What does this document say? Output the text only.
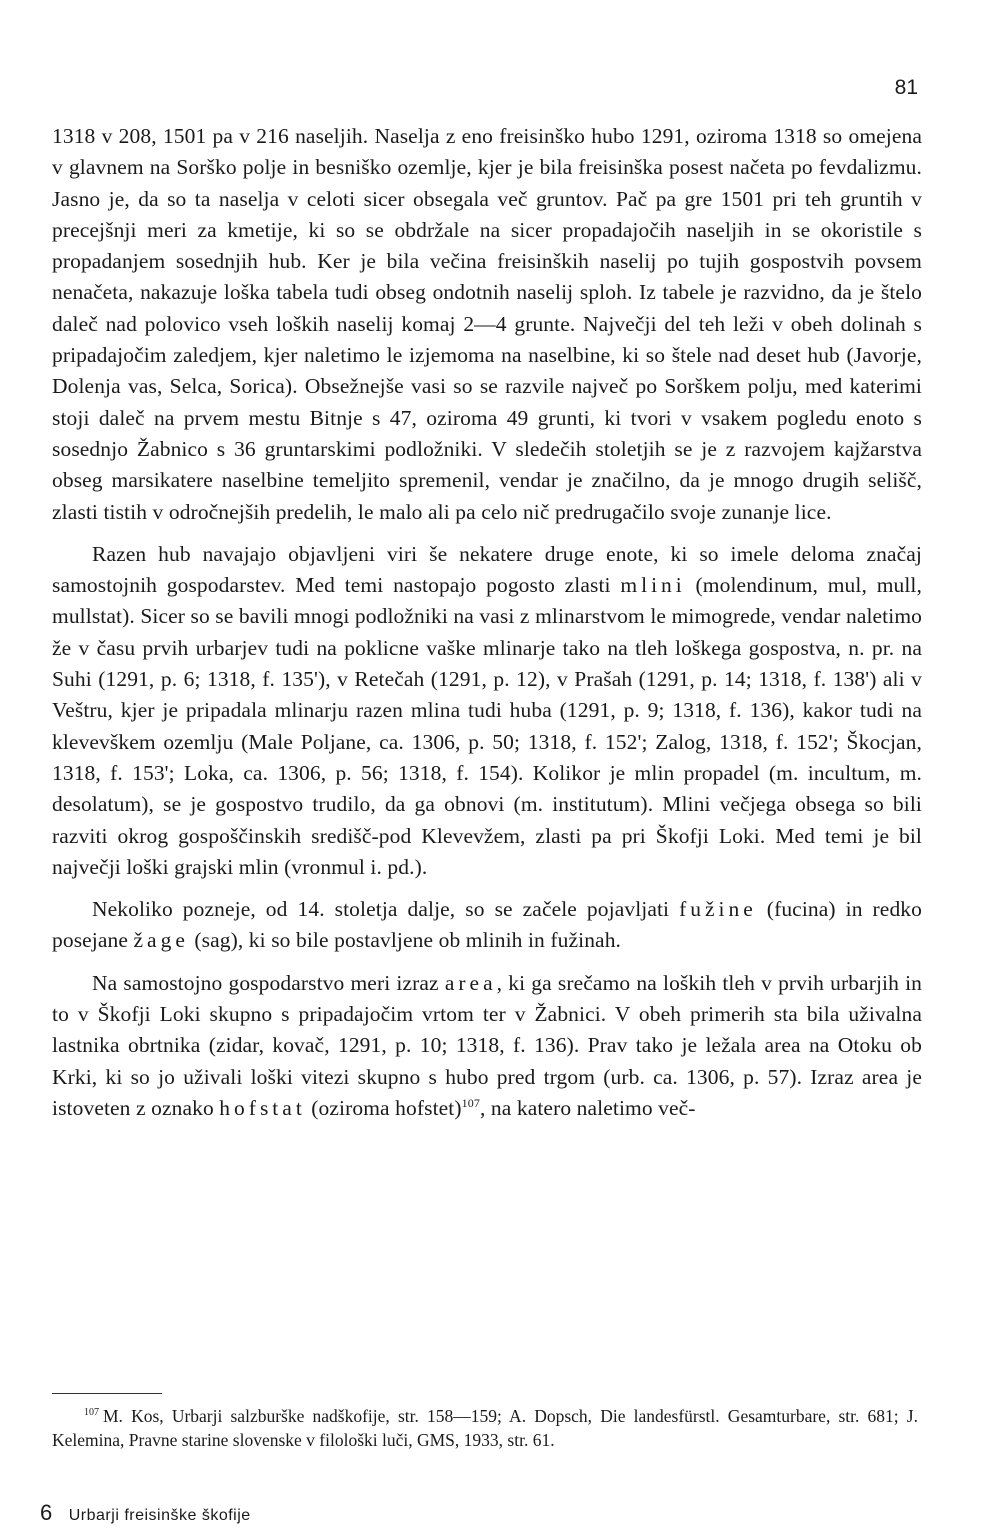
81

1318 v 208, 1501 pa v 216 naseljih. Naselja z eno freisinško hubo 1291, oziroma 1318 so omejena v glavnem na Sorško polje in besniško ozemlje, kjer je bila freisinška posest načeta po fevdalizmu. Jasno je, da so ta naselja v celoti sicer obsegala več gruntov. Pač pa gre 1501 pri teh gruntih v precejšnji meri za kmetije, ki so se obdržale na sicer propadajočih naseljih in se okoristile s propadanjem sosednjih hub. Ker je bila večina freisinških naselij po tujih gospostvih povsem nenačeta, nakazuje loška tabela tudi obseg ondotnih naselij sploh. Iz tabele je razvidno, da je štelo daleč nad polovico vseh loških naselij komaj 2—4 grunte. Največji del teh leži v obeh dolinah s pripadajočim zaledjem, kjer naletimo le izjemoma na naselbine, ki so štele nad deset hub (Javorje, Dolenja vas, Selca, Sorica). Obsežnejše vasi so se razvile največ po Sorškem polju, med katerimi stoji daleč na prvem mestu Bitnje s 47, oziroma 49 grunti, ki tvori v vsakem pogledu enoto s sosednjo Žabnico s 36 gruntarskimi podložniki. V sledečih stoletjih se je z razvojem kajžarstva obseg marsikatere naselbine temeljito spremenil, vendar je značilno, da je mnogo drugih selišč, zlasti tistih v odročnejših predelih, le malo ali pa celo nič predrugačilo svoje zunanje lice.

Razen hub navajajo objavljeni viri še nekatere druge enote, ki so imele deloma značaj samostojnih gospodarstev. Med temi nastopajo pogosto zlasti mlini (molendinum, mul, mull, mullstat). Sicer so se bavili mnogi podložniki na vasi z mlinarstvom le mimogrede, vendar naletimo že v času prvih urbarjev tudi na poklicne vaške mlinarje tako na tleh loškega gospostva, n. pr. na Suhi (1291, p. 6; 1318, f. 135'), v Retečah (1291, p. 12), v Prašah (1291, p. 14; 1318, f. 138') ali v Veštru, kjer je pripadala mlinarju razen mlina tudi huba (1291, p. 9; 1318, f. 136), kakor tudi na klevevškem ozemlju (Male Poljane, ca. 1306, p. 50; 1318, f. 152'; Zalog, 1318, f. 152'; Škocjan, 1318, f. 153'; Loka, ca. 1306, p. 56; 1318, f. 154). Kolikor je mlin propadel (m. incultum, m. desolatum), se je gospostvo trudilo, da ga obnovi (m. institutum). Mlini večjega obsega so bili razviti okrog gospoščinskih središč-pod Klevevžem, zlasti pa pri Škofji Loki. Med temi je bil največji loški grajski mlin (vronmul i. pd.).

Nekoliko pozneje, od 14. stoletja dalje, so se začele pojavljati fužine (fucina) in redko posejane žage (sag), ki so bile postavljene ob mlinih in fužinah.

Na samostojno gospodarstvo meri izraz area, ki ga srečamo na loških tleh v prvih urbarjih in to v Škofji Loki skupno s pripadajočim vrtom ter v Žabnici. V obeh primerih sta bila uživalna lastnika obrtnika (zidar, kovač, 1291, p. 10; 1318, f. 136). Prav tako je ležala area na Otoku ob Krki, ki so jo uživali loški vitezi skupno s hubo pred trgom (urb. ca. 1306, p. 57). Izraz area je istoveten z oznako hofstat (oziroma hofstet)$^{107}$, na katero naletimo več-

$^{107}$ M. Kos, Urbarji salzburške nadškofije, str. 158—159; A. Dopsch, Die landesfürstl. Gesamturbare, str. 681; J. Kelemina, Pravne starine slovenske v filološki luči, GMS, 1933, str. 61.

6 Urbarji freisinške škofije
